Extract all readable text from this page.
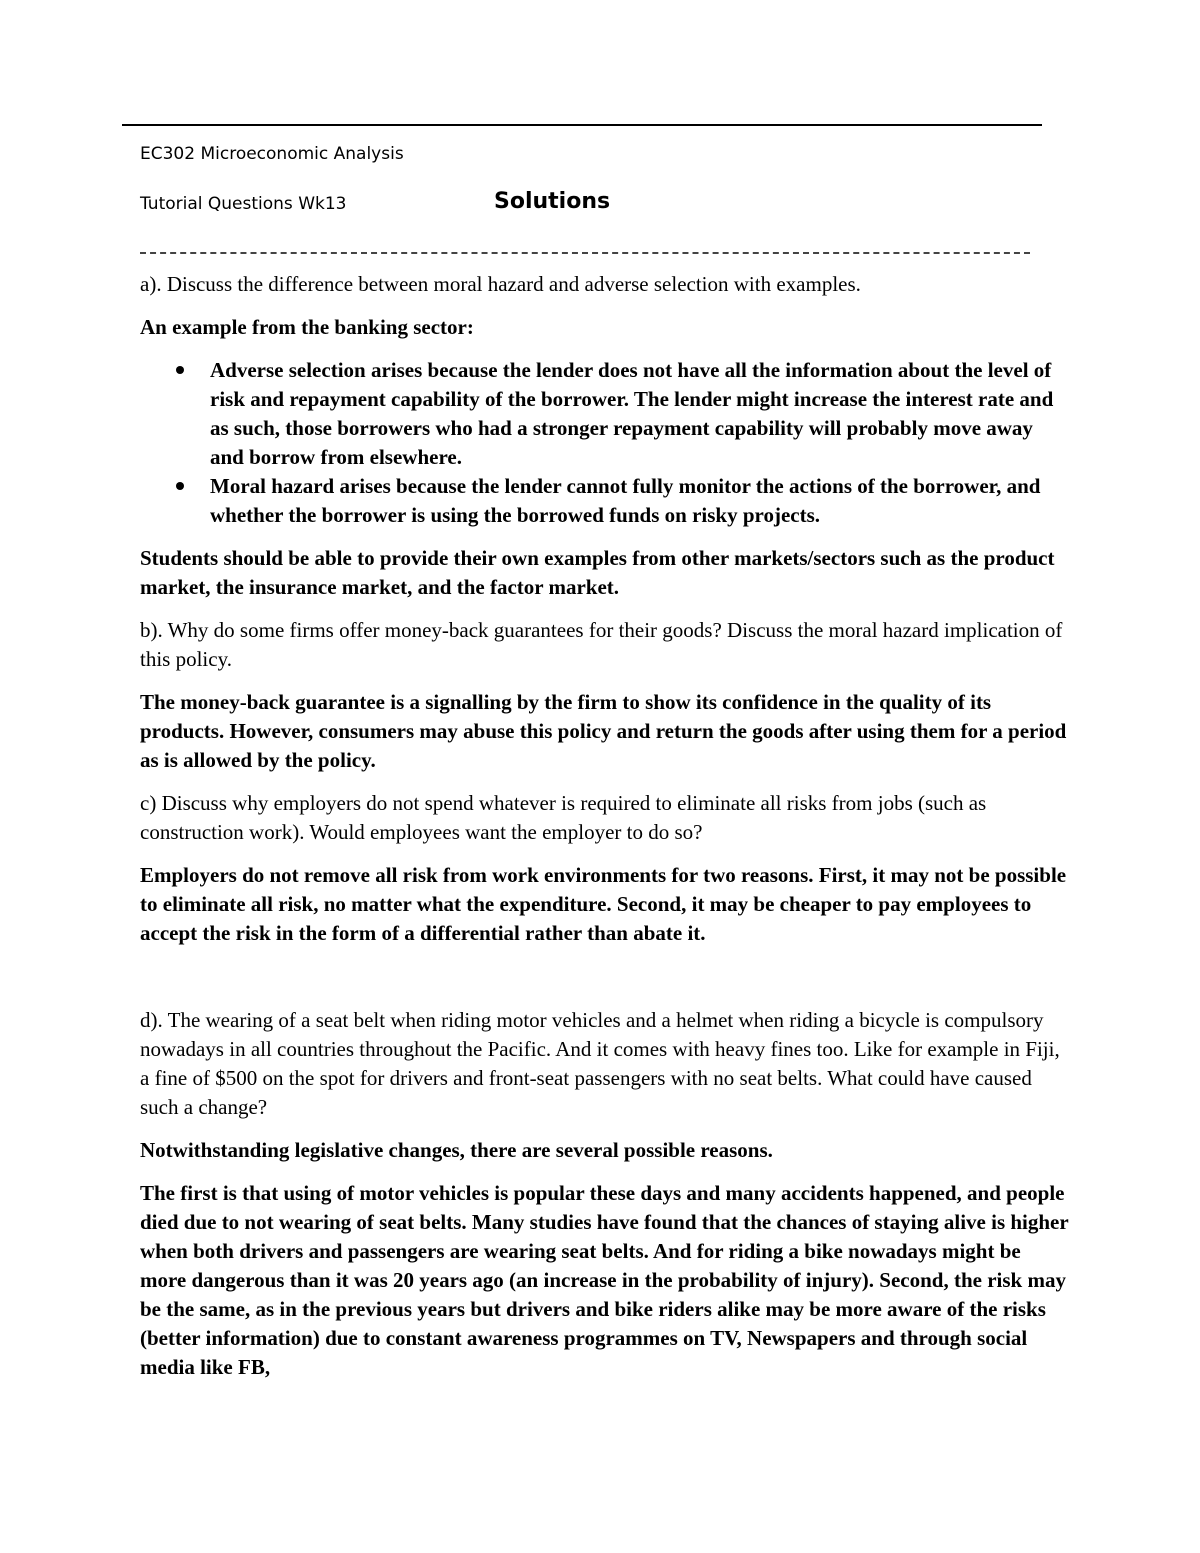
EC302 Microeconomic Analysis
Tutorial Questions Wk13	Solutions

a). Discuss the difference between moral hazard and adverse selection with examples.

An example from the banking sector:

Adverse selection arises because the lender does not have all the information about the level of risk and repayment capability of the borrower. The lender might increase the interest rate and as such, those borrowers who had a stronger repayment capability will probably move away and borrow from elsewhere.
Moral hazard arises because the lender cannot fully monitor the actions of the borrower, and whether the borrower is using the borrowed funds on risky projects.

Students should be able to provide their own examples from other markets/sectors such as the product market, the insurance market, and the factor market.

b). Why do some firms offer money-back guarantees for their goods? Discuss the moral hazard implication of this policy.

The money-back guarantee is a signalling by the firm to show its confidence in the quality of its products. However, consumers may abuse this policy and return the goods after using them for a period as is allowed by the policy.

c) Discuss why employers do not spend whatever is required to eliminate all risks from jobs (such as construction work). Would employees want the employer to do so?

Employers do not remove all risk from work environments for two reasons. First, it may not be possible to eliminate all risk, no matter what the expenditure. Second, it may be cheaper to pay employees to accept the risk in the form of a differential rather than abate it.

d). The wearing of a seat belt when riding motor vehicles and a helmet when riding a bicycle is compulsory nowadays in all countries throughout the Pacific. And it comes with heavy fines too. Like for example in Fiji, a fine of $500 on the spot for drivers and front-seat passengers with no seat belts. What could have caused such a change?

Notwithstanding legislative changes, there are several possible reasons.

The first is that using of motor vehicles is popular these days and many accidents happened, and people died due to not wearing of seat belts. Many studies have found that the chances of staying alive is higher when both drivers and passengers are wearing seat belts. And for riding a bike nowadays might be more dangerous than it was 20 years ago (an increase in the probability of injury). Second, the risk may be the same, as in the previous years but drivers and bike riders alike may be more aware of the risks (better information) due to constant awareness programmes on TV, Newspapers and through social media like FB,
